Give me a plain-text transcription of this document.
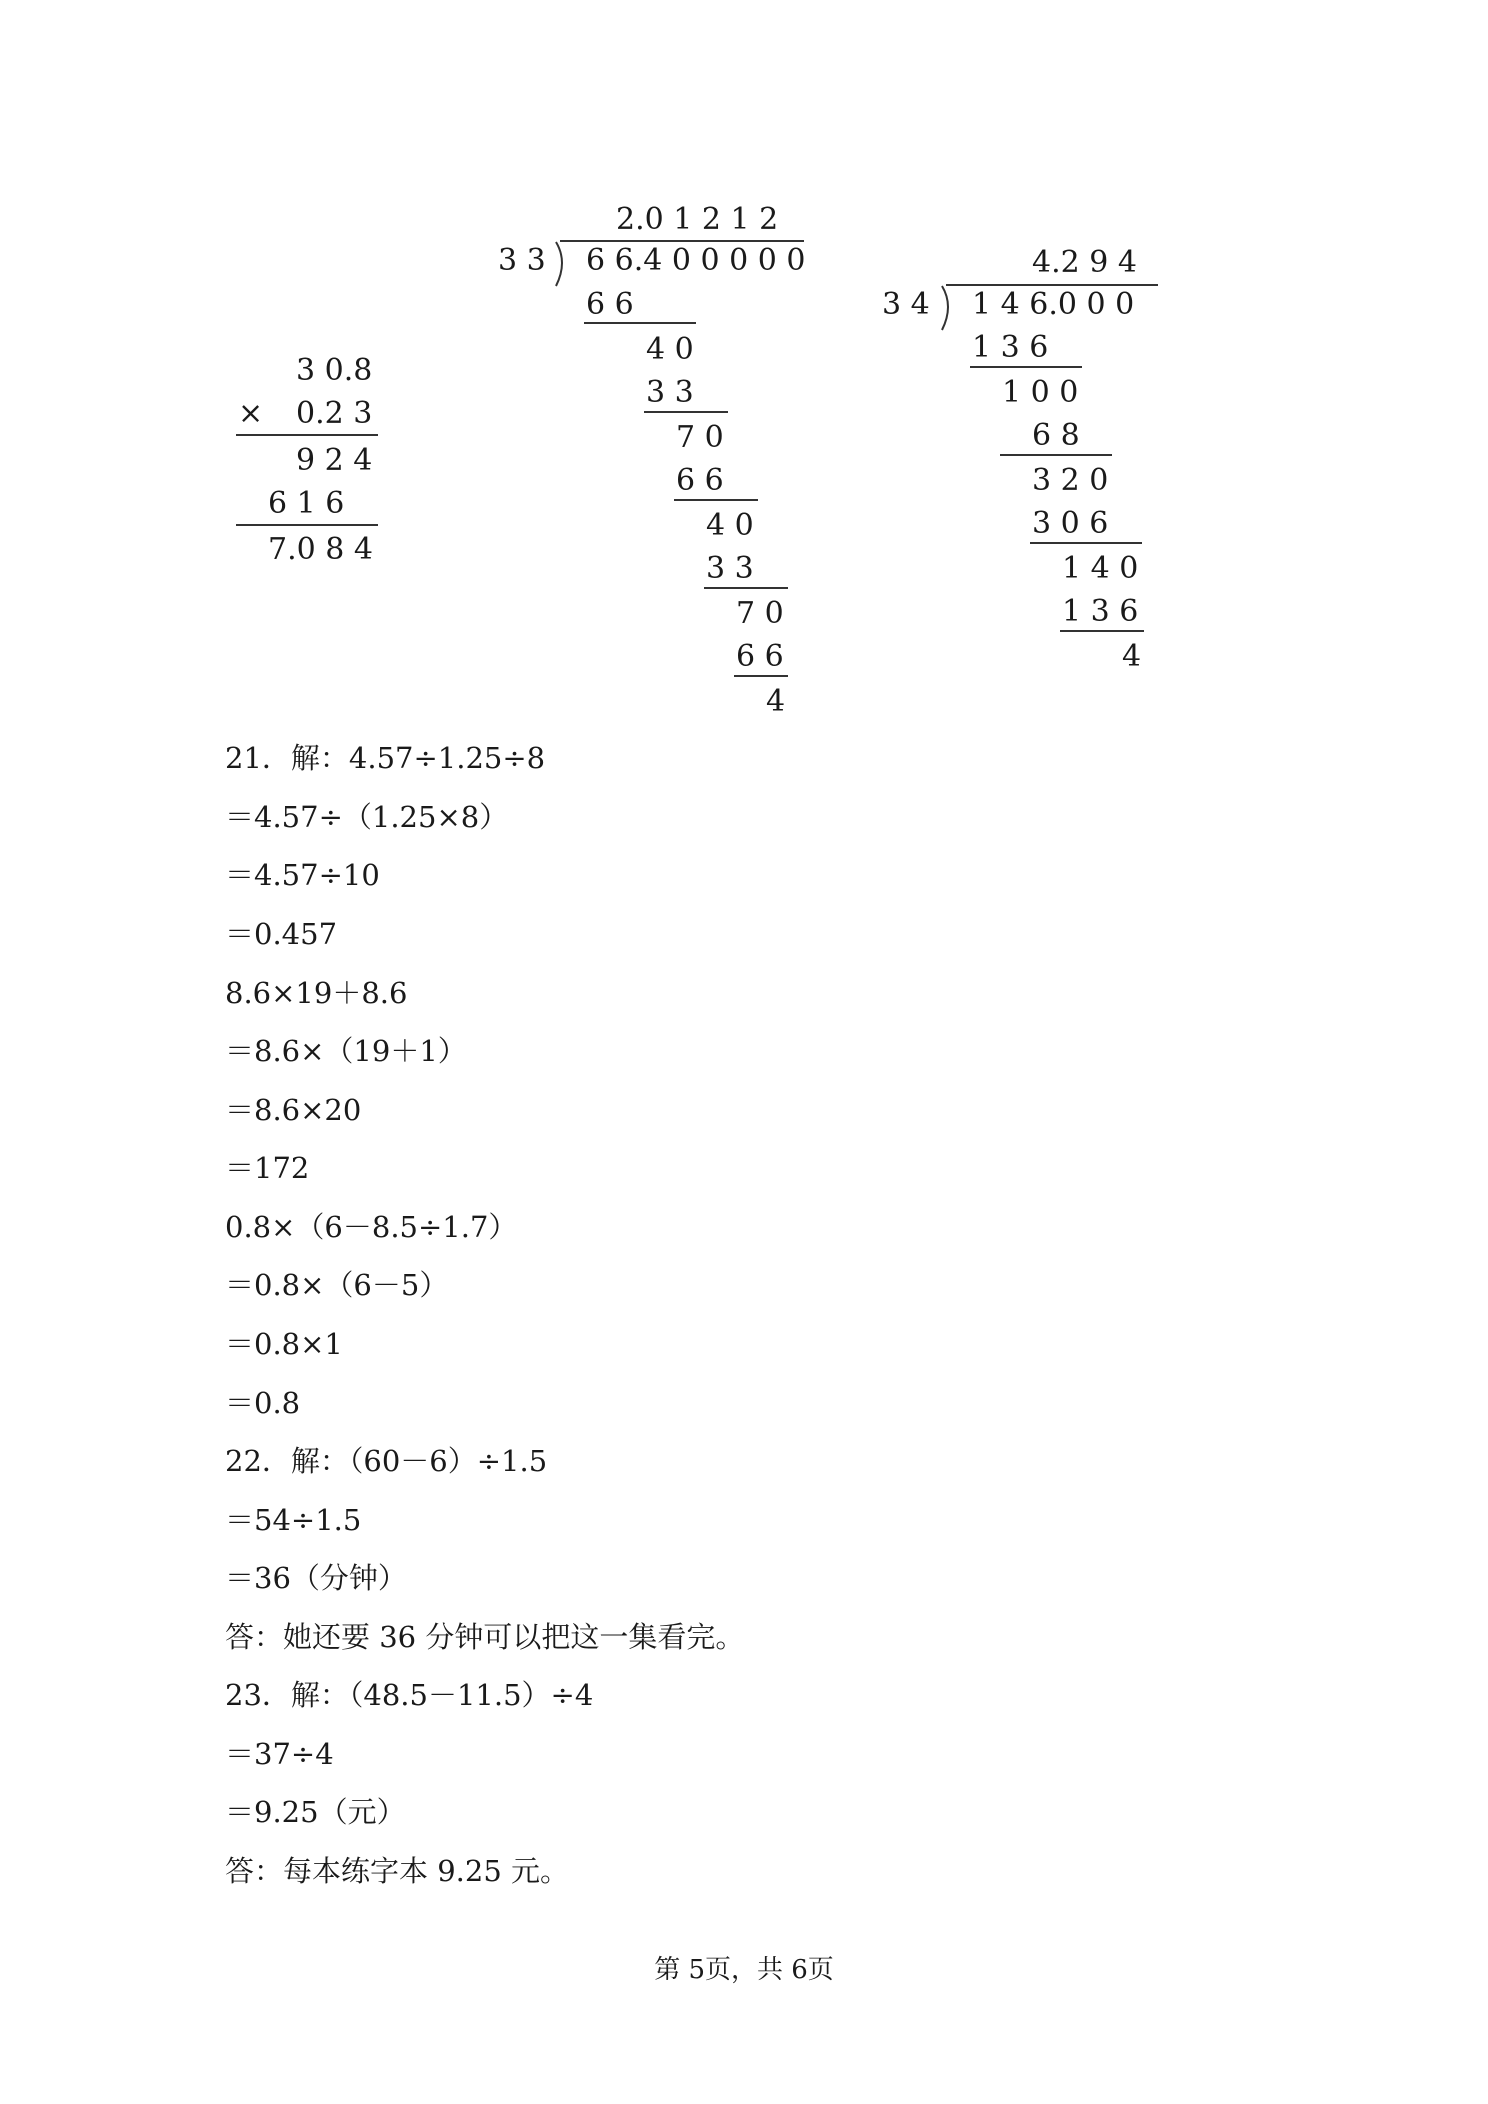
3 0.8
× 0.2 3
9 2 4
6 1 6
7.0 8 4
2.0 1 2 1 2
3 3 6 6.4 0 0 0 0 0
6 6
4 0
3 3
7 0
6 6
4 0
3 3
7 0
6 6
4
4.2 9 4
3 4 1 4 6.0 0 0
1 3 6
1 0 0
6 8
3 2 0
3 0 6
1 4 0
1 3 6
4
21．解：4.57÷1.25÷8
＝4.57÷（1.25×8）
＝4.57÷10
＝0.457
8.6×19＋8.6
＝8.6×（19＋1）
＝8.6×20
＝172
0.8×（6－8.5÷1.7）
＝0.8×（6－5）
＝0.8×1
＝0.8
22．解：（60－6）÷1.5
＝54÷1.5
＝36（分钟）
答：她还要 36 分钟可以把这一集看完。
23．解：（48.5－11.5）÷4
＝37÷4
＝9.25（元）
答：每本练字本 9.25 元。
第 5页，共 6页
